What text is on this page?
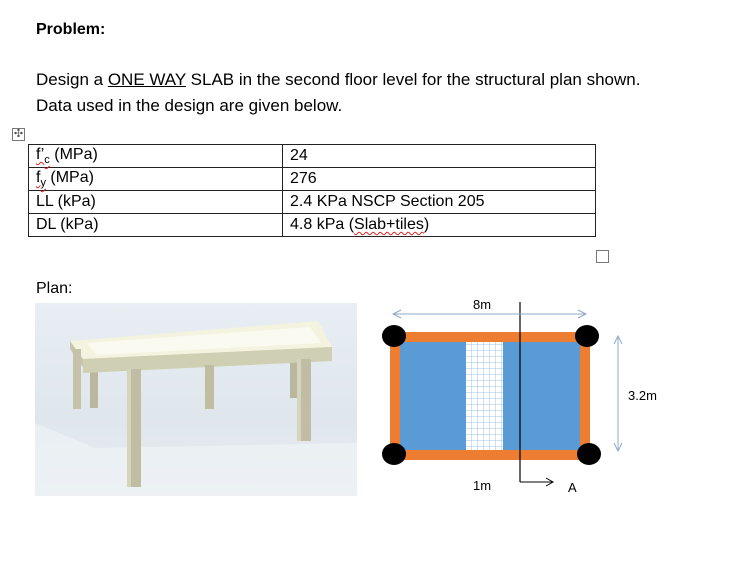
Problem:
Design a ONE WAY SLAB in the second floor level for the structural plan shown.
Data used in the design are given below.
✣
$f’_c$ (MPa)	24
$f_y$ (MPa)	276
LL (kPa)	2.4 KPa NSCP Section 205
DL (kPa)	4.8 kPa (Slab+tiles)
Plan:
8m
3.2m
1m	A
